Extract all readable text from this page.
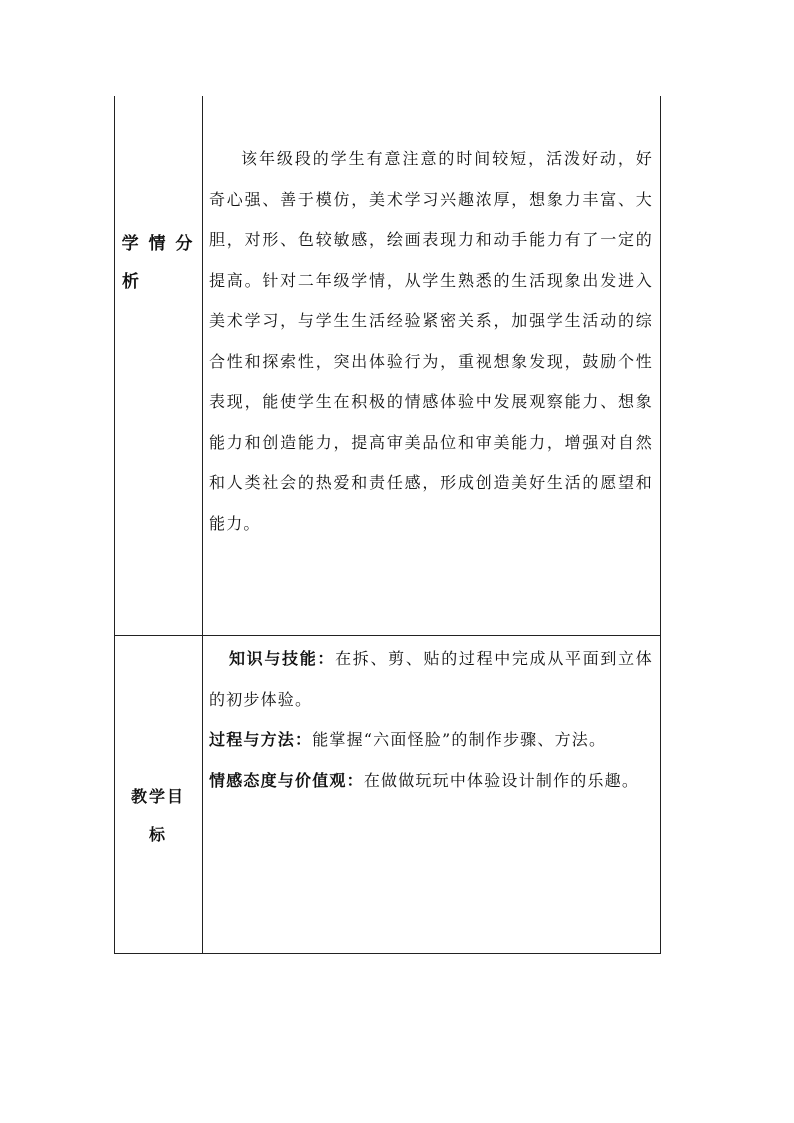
学 情 分
析

该年级段的学生有意注意的时间较短，活泼好动，好奇心强、善于模仿，美术学习兴趣浓厚，想象力丰富、大胆，对形、色较敏感，绘画表现力和动手能力有了一定的提高。针对二年级学情，从学生熟悉的生活现象出发进入美术学习，与学生生活经验紧密关系，加强学生活动的综合性和探索性，突出体验行为，重视想象发现，鼓励个性表现，能使学生在积极的情感体验中发展观察能力、想象能力和创造能力，提高审美品位和审美能力，增强对自然和人类社会的热爱和责任感，形成创造美好生活的愿望和能力。

教学目
标

知识与技能：在拆、剪、贴的过程中完成从平面到立体的初步体验。

过程与方法：能掌握“六面怪脸”的制作步骤、方法。

情感态度与价值观：在做做玩玩中体验设计制作的乐趣。
